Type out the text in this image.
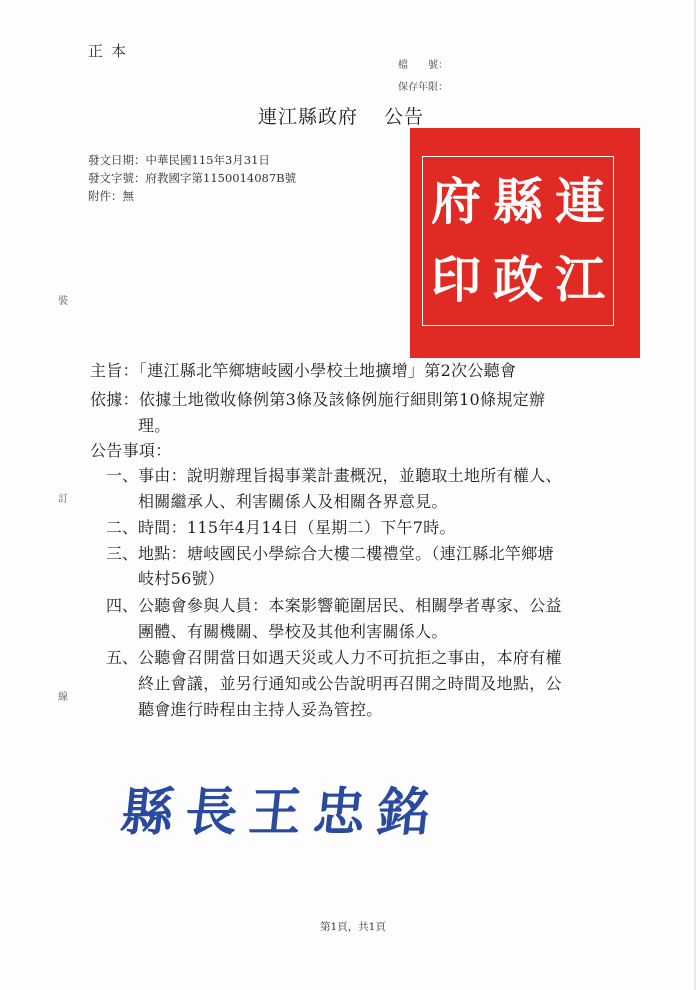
正本
檔　　號：
保存年限：
連江縣政府 公告
發文日期：中華民國115年3月31日
發文字號：府教國字第1150014087B號
附件：無	連
江
縣
政
府
印
裝
訂
線
主旨：「連江縣北竿鄉塘岐國小學校土地擴增」第2次公聽會
依據：依據土地徵收條例第3條及該條例施行細則第10條規定辦
理。
公告事項：
一、 事由：說明辦理旨揭事業計畫概況，並聽取土地所有權人、
相關繼承人、利害關係人及相關各界意見。
二、 時間：115年4月14日（星期二）下午7時。
三、 地點：塘岐國民小學綜合大樓二樓禮堂。（連江縣北竿鄉塘
岐村56號）
四、 公聽會參與人員：本案影響範圍居民、相關學者專家、公益
團體、有關機關、學校及其他利害關係人。
五、 公聽會召開當日如遇天災或人力不可抗拒之事由，本府有權
終止會議，並另行通知或公告說明再召開之時間及地點，公
聽會進行時程由主持人妥為管控。
縣長王忠銘
第1頁，共1頁
